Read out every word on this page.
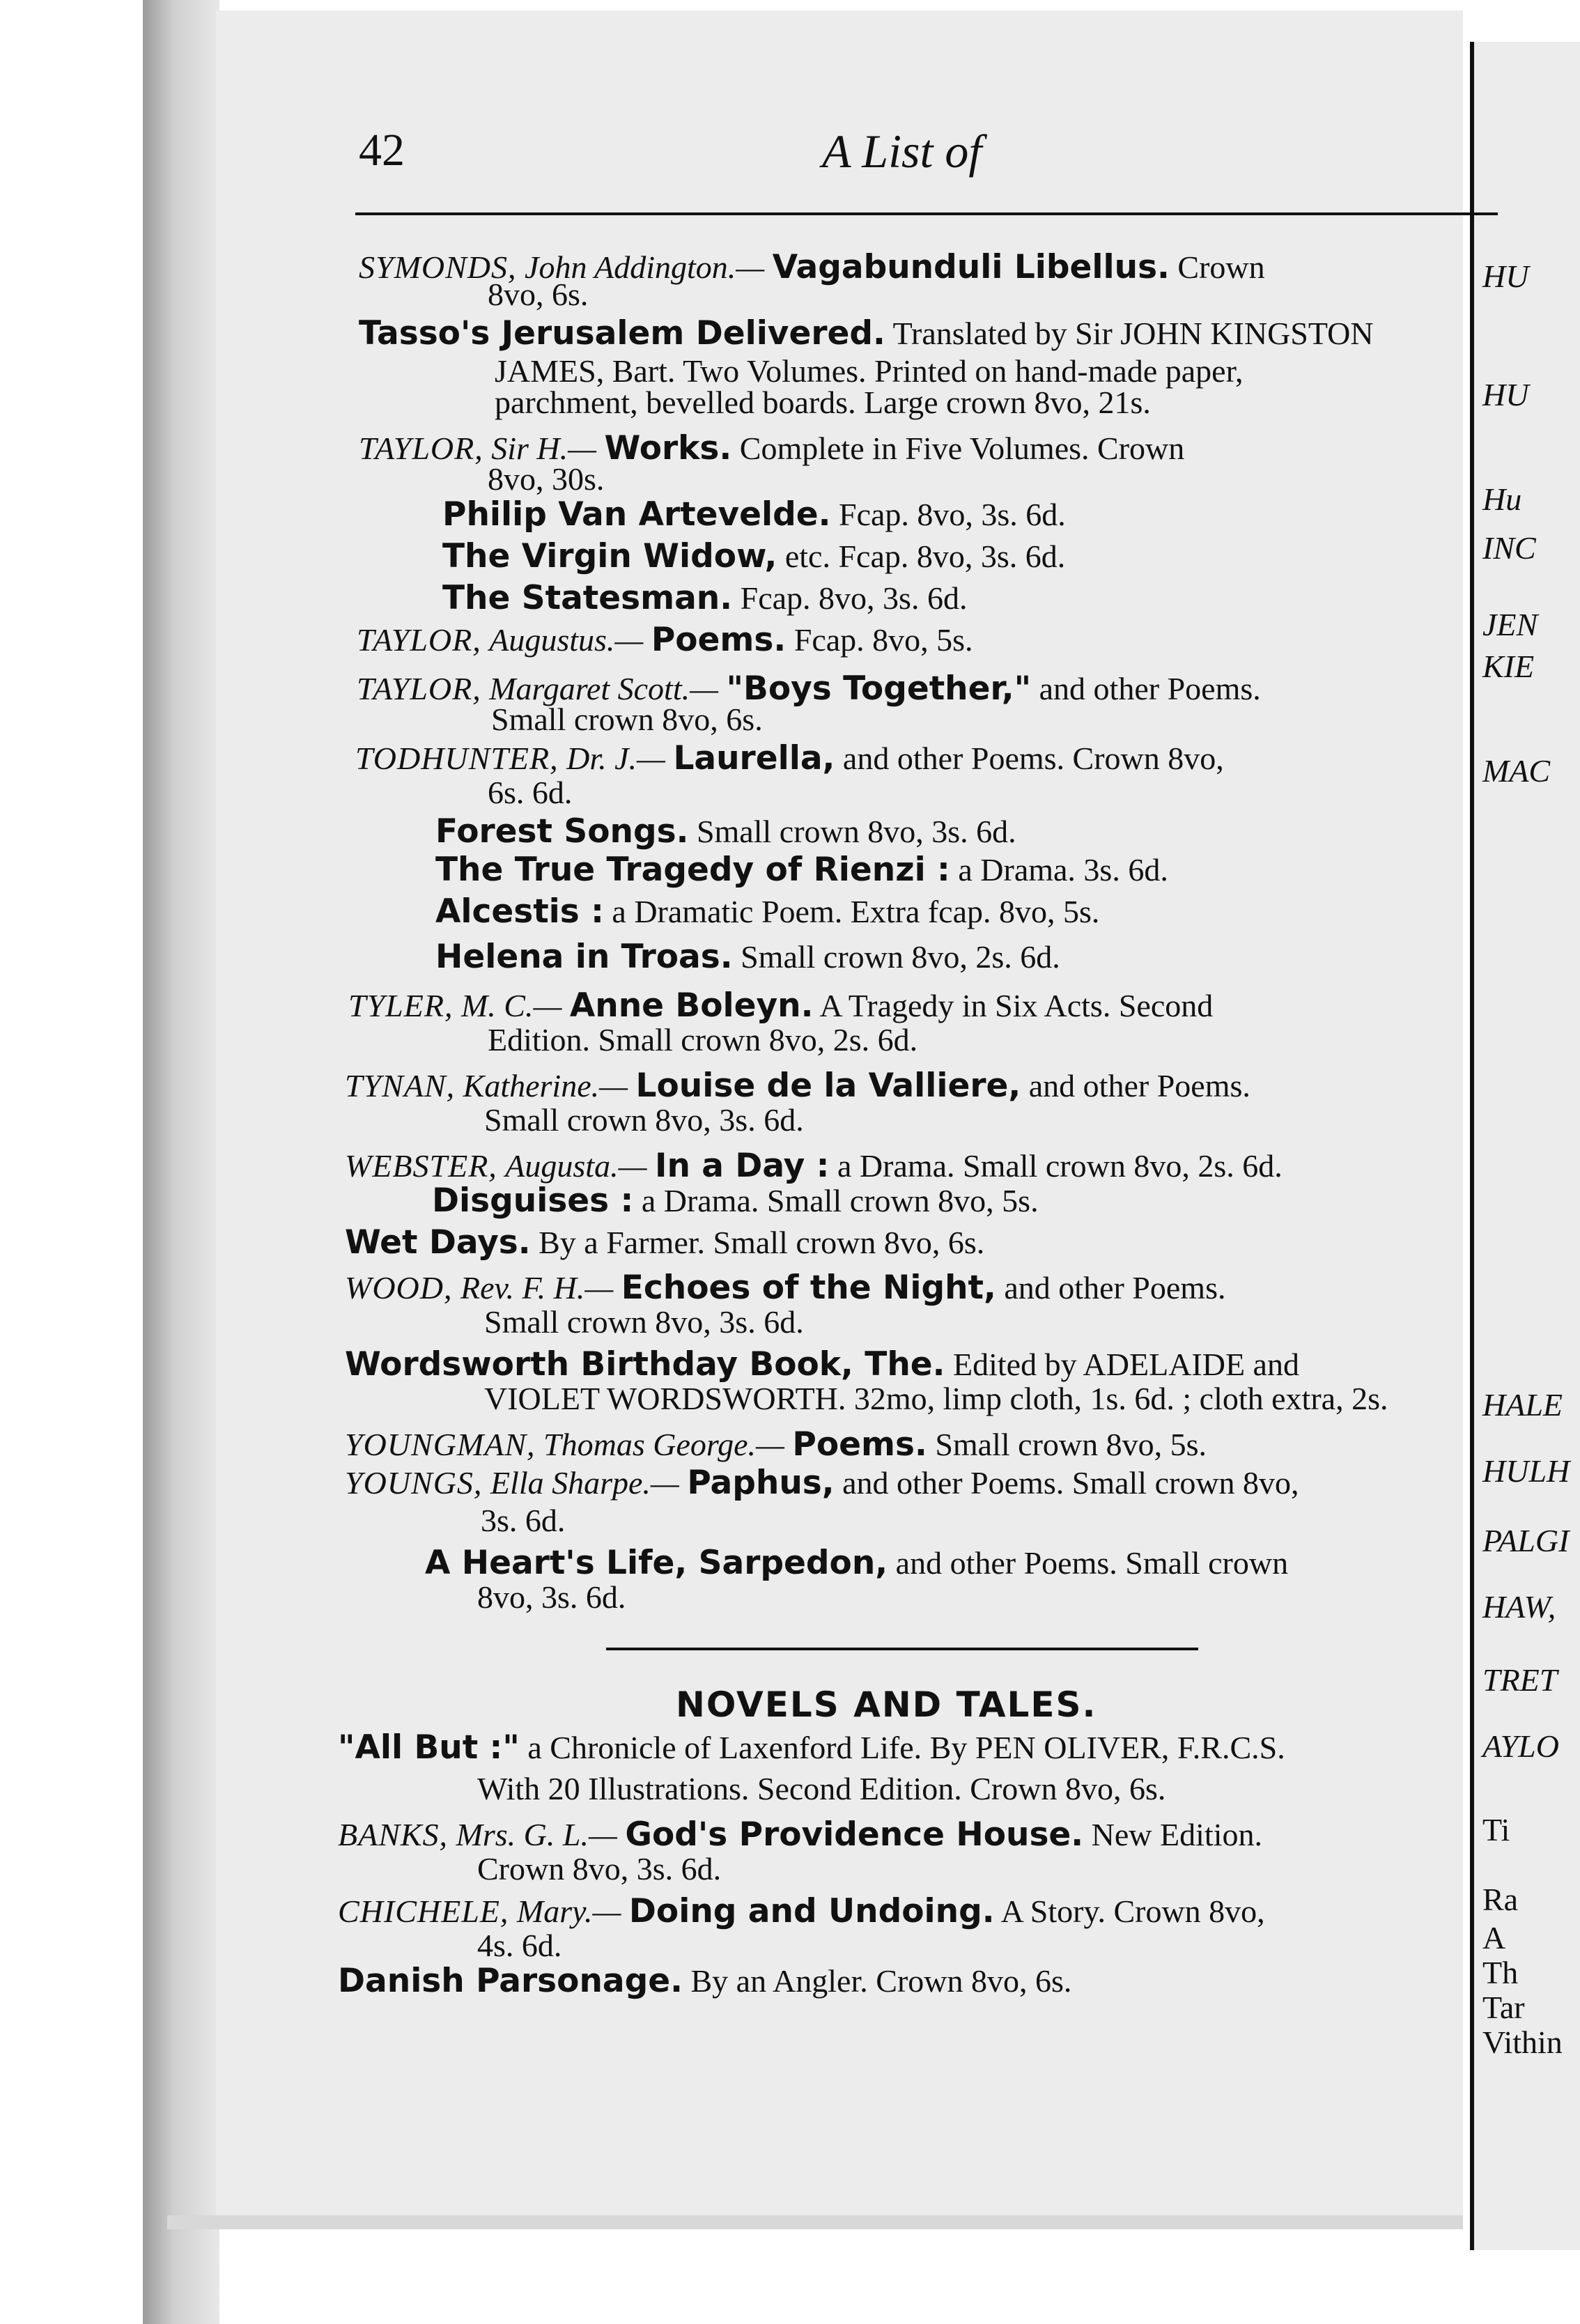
HU
HU
Hu
INC
JEN
KIE
MAC
HALE
HULH
PALGI
HAW,
TRET
AYLO
Ti
Ra
A
Th
Tar
Vithin
42	A List of
SYMONDS, John Addington.— Vagabunduli Libellus. Crown
8vo, 6s.
Tasso's Jerusalem Delivered. Translated by Sir JOHN KINGSTON
JAMES, Bart. Two Volumes. Printed on hand-made paper,
parchment, bevelled boards. Large crown 8vo, 21s.
TAYLOR, Sir H.— Works. Complete in Five Volumes. Crown
8vo, 30s.
Philip Van Artevelde. Fcap. 8vo, 3s. 6d.
The Virgin Widow, etc. Fcap. 8vo, 3s. 6d.
The Statesman. Fcap. 8vo, 3s. 6d.
TAYLOR, Augustus.— Poems. Fcap. 8vo, 5s.
TAYLOR, Margaret Scott.— "Boys Together," and other Poems.
Small crown 8vo, 6s.
TODHUNTER, Dr. J.— Laurella, and other Poems. Crown 8vo,
6s. 6d.
Forest Songs. Small crown 8vo, 3s. 6d.
The True Tragedy of Rienzi : a Drama. 3s. 6d.
Alcestis : a Dramatic Poem. Extra fcap. 8vo, 5s.
Helena in Troas. Small crown 8vo, 2s. 6d.
TYLER, M. C.— Anne Boleyn. A Tragedy in Six Acts. Second
Edition. Small crown 8vo, 2s. 6d.
TYNAN, Katherine.— Louise de la Valliere, and other Poems.
Small crown 8vo, 3s. 6d.
WEBSTER, Augusta.— In a Day : a Drama. Small crown 8vo, 2s. 6d.
Disguises : a Drama. Small crown 8vo, 5s.
Wet Days. By a Farmer. Small crown 8vo, 6s.
WOOD, Rev. F. H.— Echoes of the Night, and other Poems.
Small crown 8vo, 3s. 6d.
Wordsworth Birthday Book, The. Edited by ADELAIDE and
VIOLET WORDSWORTH. 32mo, limp cloth, 1s. 6d. ; cloth extra, 2s.
YOUNGMAN, Thomas George.— Poems. Small crown 8vo, 5s.
YOUNGS, Ella Sharpe.— Paphus, and other Poems. Small crown 8vo,
3s. 6d.
A Heart's Life, Sarpedon, and other Poems. Small crown
8vo, 3s. 6d.
NOVELS AND TALES.
"All But :" a Chronicle of Laxenford Life. By PEN OLIVER, F.R.C.S.
With 20 Illustrations. Second Edition. Crown 8vo, 6s.
BANKS, Mrs. G. L.— God's Providence House. New Edition.
Crown 8vo, 3s. 6d.
CHICHELE, Mary.— Doing and Undoing. A Story. Crown 8vo,
4s. 6d.
Danish Parsonage. By an Angler. Crown 8vo, 6s.
